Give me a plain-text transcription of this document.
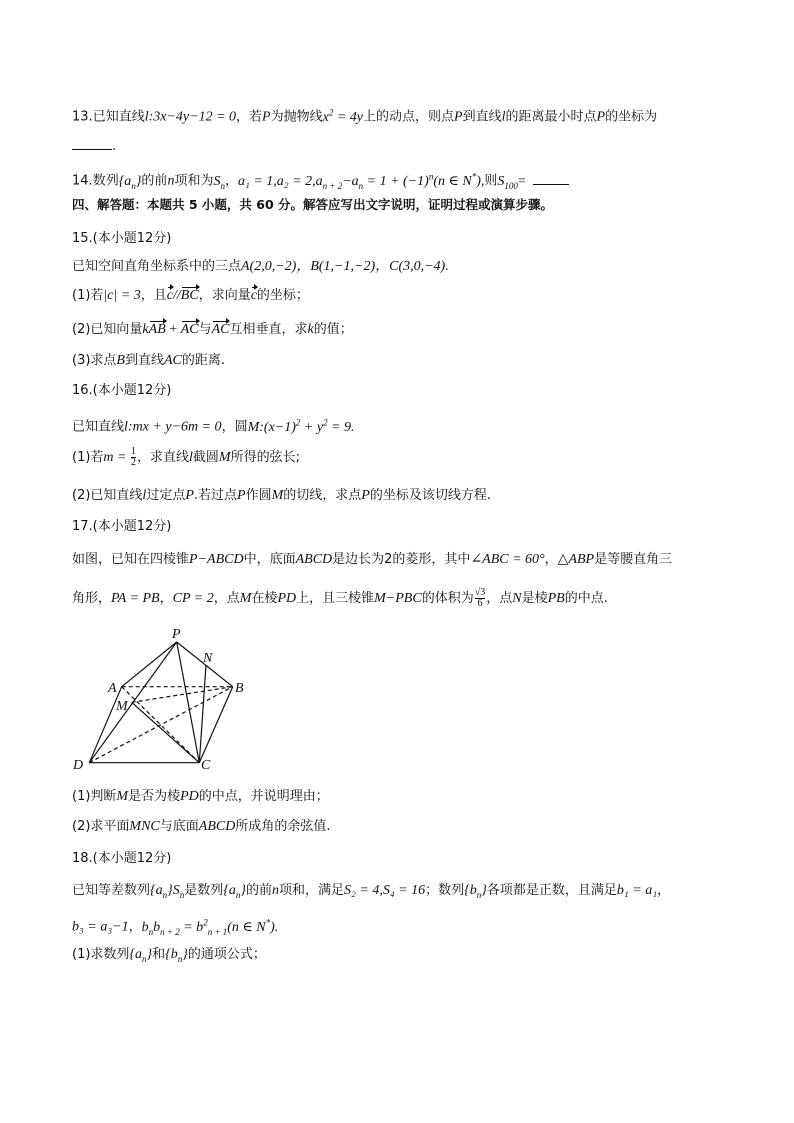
13.已知直线l:3x−4y−12 = 0，若P为抛物线$x^2 = 4y$上的动点，则点P到直线l的距离最小时点P的坐标为
.
14.数列$\{a_n\}$的前n项和为$S_n$，$a_1 = 1,a_2 = 2,a_{n + 2}-a_n = 1 + (-1)^n(n$ ∈ N*),则$S_{100}=$
四、解答题：本题共 5 小题，共 60 分。解答应写出文字说明，证明过程或演算步骤。
15.(本小题12分)
已知空间直角坐标系中的三点A(2,0,−2)，B(1,−1,−2)，C(3,0,−4).
(1)若|c| = 3，且c//BC，求向量c的坐标；
(2)已知向量kAB + AC与AC互相垂直，求k的值；
(3)求点B到直线AC的距离.
16.(本小题12分)
已知直线l:mx + y−6m = 0，圆$M:(x-1)^2 + y^2 = 9$.
(1)若$m = \frac{1}{2}$ ，求直线l截圆M所得的弦长;
(2)已知直线l过定点P.若过点P作圆M的切线，求点P的坐标及该切线方程.
17.(本小题12分)
如图，已知在四棱锥P−ABCD中，底面ABCD是边长为2的菱形，其中∠ABC = 60°，△ABP是等腰直角三
角形，PA = PB，CP = 2，点M在棱PD上，且三棱锥M−PBC的体积为 $\frac{√3}{6}$ ，点N是棱PB的中点.
P
N
A	B
M
D	C
(1)判断M是否为棱PD的中点，并说明理由；
(2)求平面MNC与底面ABCD所成角的余弦值.
18.(本小题12分)
已知等差数列$\{a_n\}S_n$是数列$\{a_n\}$的前n项和，满足S₂ = 4,S₄ = 16；数列$\{b_n\}$各项都是正数，且满足b₁ = a₁，
b₃ = a₃−1，$b_nb_{n + 2} = b^2_{n + 1}(n$ ∈ N*).
(1)求数列$\{a_n\}$和$\{b_n\}$的通项公式；
